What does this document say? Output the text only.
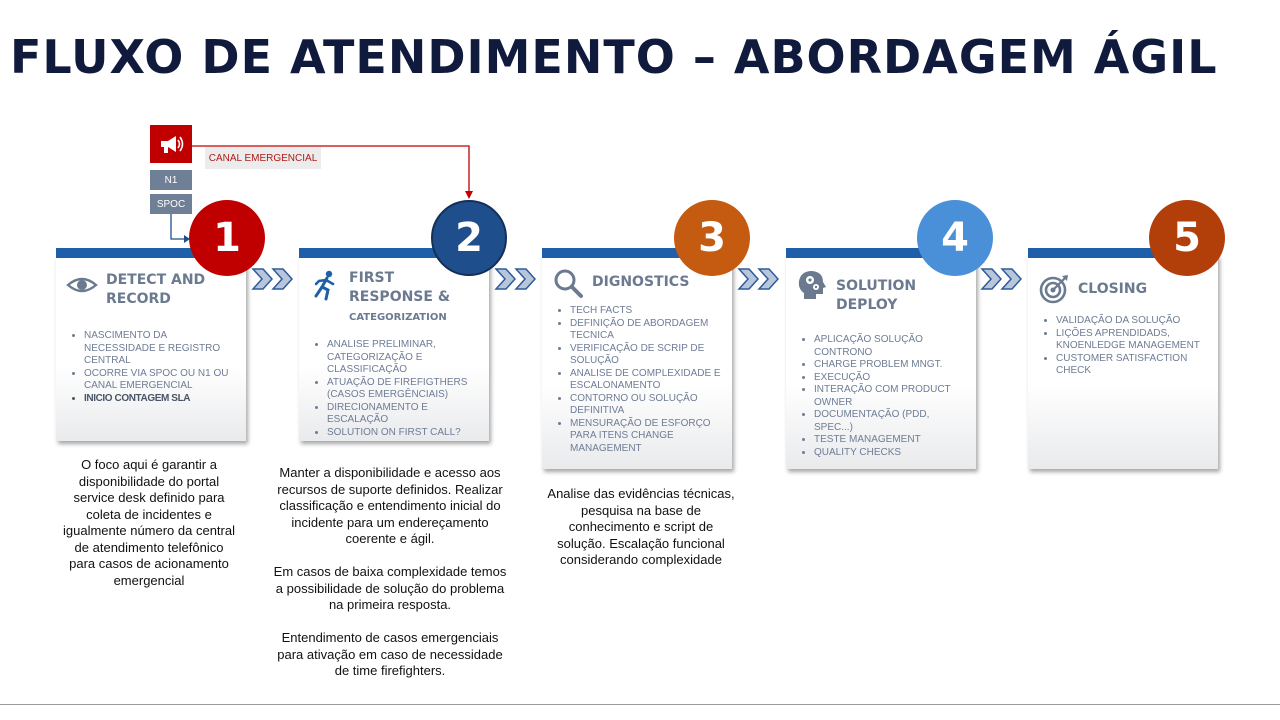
FLUXO DE ATENDIMENTO – ABORDAGEM ÁGIL
CANAL EMERGENCIAL
N1
SPOC
DETECT AND
RECORD
• NASCIMENTO DA NECESSIDADE E REGISTRO CENTRAL
• OCORRE VIA SPOC OU N1 OU CANAL EMERGENCIAL
• INICIO CONTAGEM SLA
FIRST
RESPONSE &
CATEGORIZATION
• ANALISE PRELIMINAR, CATEGORIZAÇÃO E CLASSIFICAÇÃO
• ATUAÇÃO DE FIREFIGTHERS (CASOS EMERGÊNCIAIS)
• DIRECIONAMENTO E ESCALAÇÃO
• SOLUTION ON FIRST CALL?
DIGNOSTICS
• TECH FACTS
• DEFINIÇÃO DE ABORDAGEM TECNICA
• VERIFICAÇÃO DE SCRIP DE SOLUÇÃO
• ANALISE DE COMPLEXIDADE E ESCALONAMENTO
• CONTORNO OU SOLUÇÃO DEFINITIVA
• MENSURAÇÃO DE ESFORÇO PARA ITENS CHANGE MANAGEMENT
SOLUTION
DEPLOY
• APLICAÇÃO SOLUÇÃO CONTRONO
• CHARGE PROBLEM MNGT.
• EXECUÇÃO
• INTERAÇÃO COM PRODUCT OWNER
• DOCUMENTAÇÃO (PDD, SPEC...)
• TESTE MANAGEMENT
• QUALITY CHECKS
CLOSING
• VALIDAÇÃO DA SOLUÇÃO
• LIÇÕES APRENDIDADS, KNOENLEDGE MANAGEMENT
• CUSTOMER SATISFACTION CHECK
1	2	3	4	5

O foco aqui é garantir a disponibilidade do portal service desk definido para coleta de incidentes e igualmente número da central de atendimento telefônico para casos de acionamento emergencial

Manter a disponibilidade e acesso aos recursos de suporte definidos. Realizar classificação e entendimento inicial do incidente para um endereçamento coerente e ágil.

Em casos de baixa complexidade temos a possibilidade de solução do problema na primeira resposta.

Entendimento de casos emergenciais para ativação em caso de necessidade de time firefighters.

Analise das evidências técnicas, pesquisa na base de conhecimento e script de solução. Escalação funcional considerando complexidade
